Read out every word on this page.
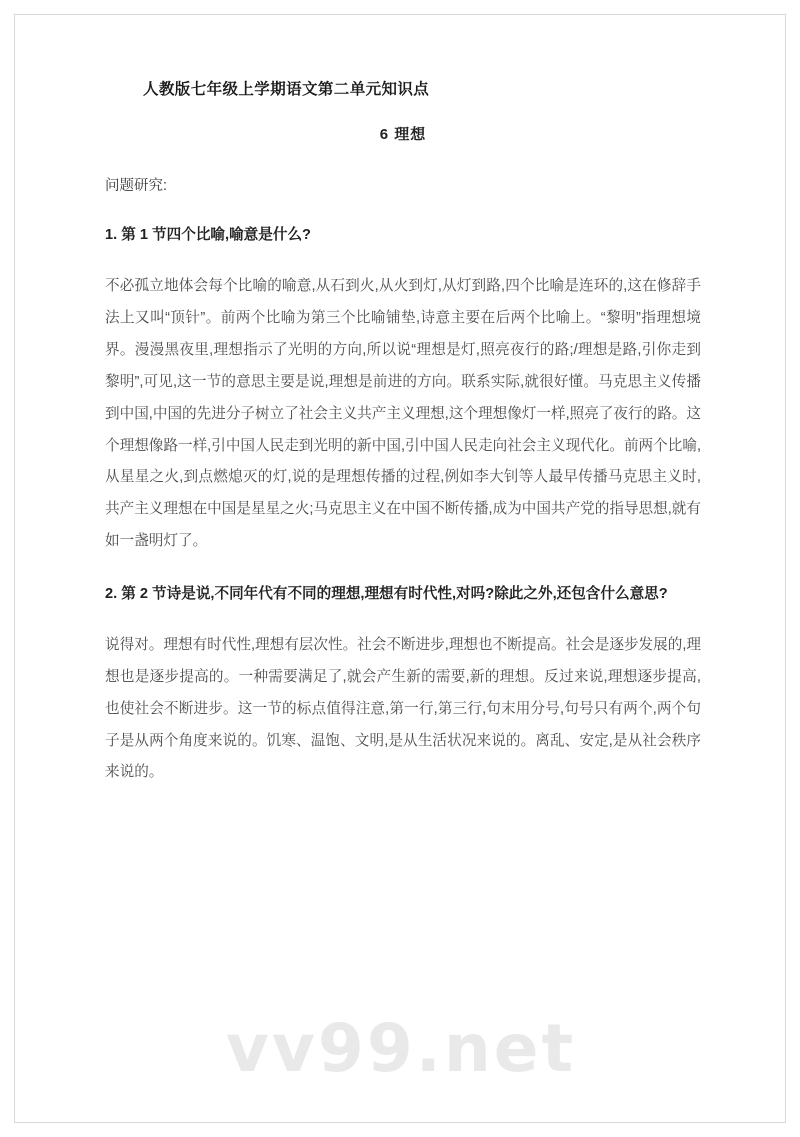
人教版七年级上学期语文第二单元知识点
6 理想

问题研究:

1. 第 1 节四个比喻,喻意是什么?

不必孤立地体会每个比喻的喻意,从石到火,从火到灯,从灯到路,四个比喻是连环的,这在修辞手法上又叫“顶针”。前两个比喻为第三个比喻铺垫,诗意主要在后两个比喻上。“黎明”指理想境界。漫漫黑夜里,理想指示了光明的方向,所以说“理想是灯,照亮夜行的路;/理想是路,引你走到黎明”,可见,这一节的意思主要是说,理想是前进的方向。联系实际,就很好懂。马克思主义传播到中国,中国的先进分子树立了社会主义共产主义理想,这个理想像灯一样,照亮了夜行的路。这个理想像路一样,引中国人民走到光明的新中国,引中国人民走向社会主义现代化。前两个比喻,从星星之火,到点燃熄灭的灯,说的是理想传播的过程,例如李大钊等人最早传播马克思主义时,共产主义理想在中国是星星之火;马克思主义在中国不断传播,成为中国共产党的指导思想,就有如一盏明灯了。

2. 第 2 节诗是说,不同年代有不同的理想,理想有时代性,对吗?除此之外,还包含什么意思?

说得对。理想有时代性,理想有层次性。社会不断进步,理想也不断提高。社会是逐步发展的,理想也是逐步提高的。一种需要满足了,就会产生新的需要,新的理想。反过来说,理想逐步提高,也使社会不断进步。这一节的标点值得注意,第一行,第三行,句末用分号,句号只有两个,两个句子是从两个角度来说的。饥寒、温饱、文明,是从生活状况来说的。离乱、安定,是从社会秩序来说的。

vv99.net
